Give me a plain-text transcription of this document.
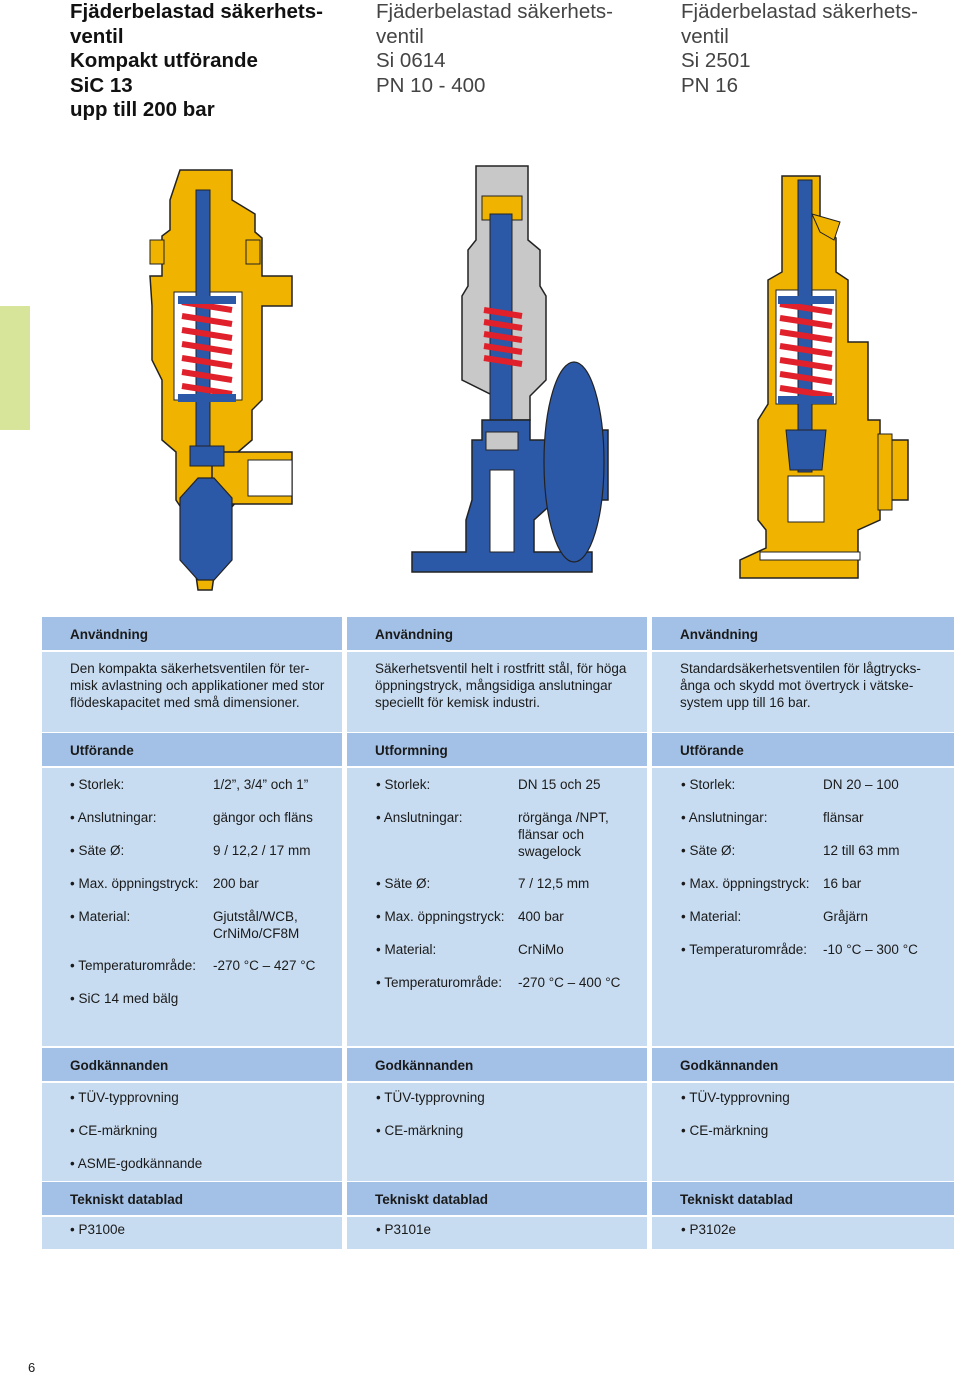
Fjäderbelastad säkerhets-
ventil
Kompakt utförande
SiC 13
upp till 200 bar
Fjäderbelastad säkerhets-
ventil
Si 0614
PN 10 - 400
Fjäderbelastad säkerhets-
ventil
Si 2501
PN 16
Användning	Användning	Användning

Den kompakta säkerhetsventilen för ter-

misk avlastning och applikationer med stor

flödeskapacitet med små dimensioner.

Säkerhetsventil helt i rostfritt stål, för höga

öppningstryck, mångsidiga anslutningar

speciellt för kemisk industri.

Standardsäkerhetsventilen för lågtrycks-

ånga och skydd mot övertryck i vätske-

system upp till 16 bar.

Utförande	Utformning	Utförande
• Storlek:	1/2”, 3/4” och 1”
• Anslutningar:	gängor och fläns
• Säte Ø:	9 / 12,2 / 17 mm
• Max. öppningstryck: 200 bar
• Material:	Gjutstål/WCB,
CrNiMo/CF8M
• Temperaturområde: -270 °C – 427 °C
• SiC 14 med bälg
• Storlek:	DN 15 och 25
• Anslutningar:	rörgänga /NPT,
flänsar och
swagelock
• Säte Ø:	7 / 12,5 mm
• Max. öppningstryck: 400 bar
• Material:	CrNiMo
• Temperaturområde: -270 °C – 400 °C
• Storlek:	DN 20 – 100
• Anslutningar:	flänsar
• Säte Ø:	12 till 63 mm
• Max. öppningstryck: 16 bar
• Material:	Gråjärn
• Temperaturområde: -10 °C – 300 °C
Godkännanden	Godkännanden	Godkännanden
• TÜV-typprovning
• CE-märkning
• ASME-godkännande
• TÜV-typprovning
• CE-märkning
• TÜV-typprovning
• CE-märkning
Tekniskt datablad	Tekniskt datablad	Tekniskt datablad
• P3100e	• P3101e	• P3102e
6
